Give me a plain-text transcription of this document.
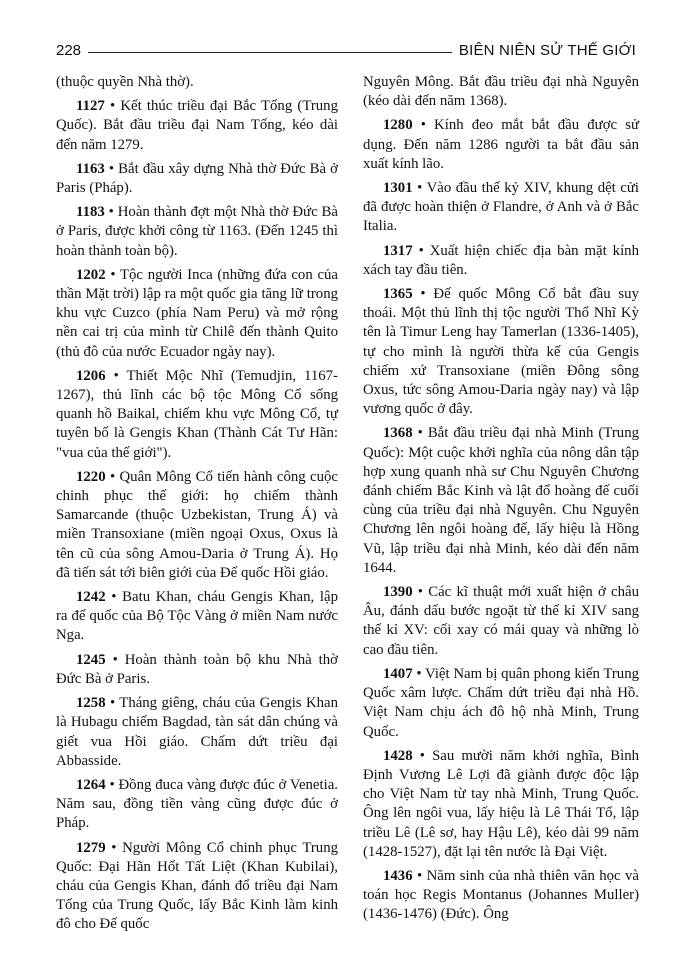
228	BIÊN NIÊN SỬ THẾ GIỚI

(thuộc quyền Nhà thờ).

1127 • Kết thúc triều đại Bắc Tống (Trung Quốc). Bắt đầu triều đại Nam Tống, kéo dài đến năm 1279.

1163 • Bắt đầu xây dựng Nhà thờ Đức Bà ở Paris (Pháp).

1183 • Hoàn thành đợt một Nhà thờ Đức Bà ở Paris, được khởi công từ 1163. (Đến 1245 thì hoàn thành toàn bộ).

1202 • Tộc người Inca (những đứa con của thần Mặt trời) lập ra một quốc gia tăng lữ trong khu vực Cuzco (phía Nam Peru) và mở rộng nền cai trị của mình từ Chilê đến thành Quito (thủ đô của nước Ecuador ngày nay).

1206 • Thiết Mộc Nhĩ (Temudjin, 1167-1267), thủ lĩnh các bộ tộc Mông Cổ sống quanh hồ Baikal, chiếm khu vực Mông Cổ, tự tuyên bố là Gengis Khan (Thành Cát Tư Hãn: "vua của thế giới").

1220 • Quân Mông Cổ tiến hành công cuộc chinh phục thế giới: họ chiếm thành Samarcande (thuộc Uzbekistan, Trung Á) và miền Transoxiane (miền ngoại Oxus, Oxus là tên cũ của sông Amou-Daria ở Trung Á). Họ đã tiến sát tới biên giới của Đế quốc Hồi giáo.

1242 • Batu Khan, cháu Gengis Khan, lập ra đế quốc của Bộ Tộc Vàng ở miền Nam nước Nga.

1245 • Hoàn thành toàn bộ khu Nhà thờ Đức Bà ở Paris.

1258 • Tháng giêng, cháu của Gengis Khan là Hubagu chiếm Bagdad, tàn sát dân chúng và giết vua Hồi giáo. Chấm dứt triều đại Abbasside.

1264 • Đồng đuca vàng được đúc ở Venetia. Năm sau, đồng tiền vàng cũng được đúc ở Pháp.

1279 • Người Mông Cổ chinh phục Trung Quốc: Đại Hãn Hốt Tất Liệt (Khan Kubilai), cháu của Gengis Khan, đánh đổ triều đại Nam Tống của Trung Quốc, lấy Bắc Kinh làm kinh đô cho Đế quốc

Nguyên Mông. Bắt đầu triều đại nhà Nguyên (kéo dài đến năm 1368).

1280 • Kính đeo mắt bắt đầu được sử dụng. Đến năm 1286 người ta bắt đầu sản xuất kính lão.

1301 • Vào đầu thế kỷ XIV, khung dệt cửi đã được hoàn thiện ở Flandre, ở Anh và ở Bắc Italia.

1317 • Xuất hiện chiếc địa bàn mặt kính xách tay đầu tiên.

1365 • Đế quốc Mông Cổ bắt đầu suy thoái. Một thủ lĩnh thị tộc người Thổ Nhĩ Kỳ tên là Timur Leng hay Tamerlan (1336-1405), tự cho mình là người thừa kế của Gengis chiếm xứ Transoxiane (miền Đông sông Oxus, tức sông Amou-Daria ngày nay) và lập vương quốc ở đây.

1368 • Bắt đầu triều đại nhà Minh (Trung Quốc): Một cuộc khởi nghĩa của nông dân tập hợp xung quanh nhà sư Chu Nguyên Chương đánh chiếm Bắc Kinh và lật đổ hoàng đế cuối cùng của triều đại nhà Nguyên. Chu Nguyên Chương lên ngôi hoàng đế, lấy hiệu là Hồng Vũ, lập triều đại nhà Minh, kéo dài đến năm 1644.

1390 • Các kĩ thuật mới xuất hiện ở châu Âu, đánh dấu bước ngoặt từ thế kỉ XIV sang thế kỉ XV: cối xay có mái quay và những lò cao đầu tiên.

1407 • Việt Nam bị quân phong kiến Trung Quốc xâm lược. Chấm dứt triều đại nhà Hồ. Việt Nam chịu ách đô hộ nhà Minh, Trung Quốc.

1428 • Sau mười năm khởi nghĩa, Bình Định Vương Lê Lợi đã giành được độc lập cho Việt Nam từ tay nhà Minh, Trung Quốc. Ông lên ngôi vua, lấy hiệu là Lê Thái Tổ, lập triều Lê (Lê sơ, hay Hậu Lê), kéo dài 99 năm (1428-1527), đặt lại tên nước là Đại Việt.

1436 • Năm sinh của nhà thiên văn học và toán học Regis Montanus (Johannes Muller) (1436-1476) (Đức). Ông
